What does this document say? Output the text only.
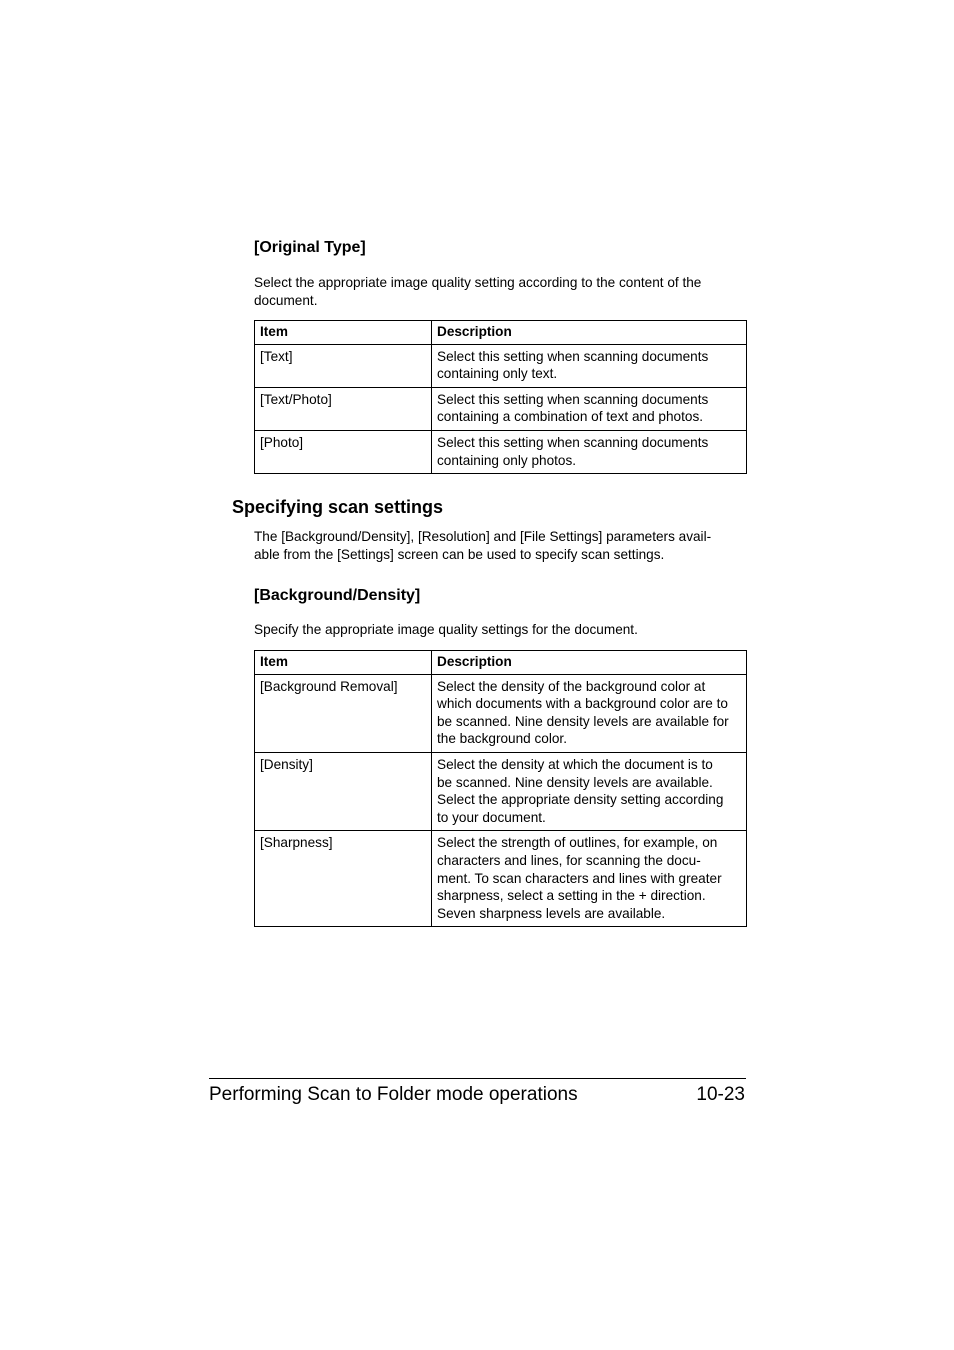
[Original Type]
Select the appropriate image quality setting according to the content of the
document.
Item	Description
[Text]	Select this setting when scanning documents
containing only text.

[Text/Photo]	Select this setting when scanning documents
containing a combination of text and photos.

[Photo]	Select this setting when scanning documents
containing only photos.
Specifying scan settings
The [Background/Density], [Resolution] and [File Settings] parameters avail-
able from the [Settings] screen can be used to specify scan settings.
[Background/Density]
Specify the appropriate image quality settings for the document.
Item	Description
[Background Removal]	Select the density of the background color at
which documents with a background color are to
be scanned. Nine density levels are available for
the background color.

[Density]	Select the density at which the document is to
be scanned. Nine density levels are available.
Select the appropriate density setting according
to your document.

[Sharpness]	Select the strength of outlines, for example, on
characters and lines, for scanning the docu-
ment. To scan characters and lines with greater
sharpness, select a setting in the + direction.
Seven sharpness levels are available.
Performing Scan to Folder mode operations	10-23
